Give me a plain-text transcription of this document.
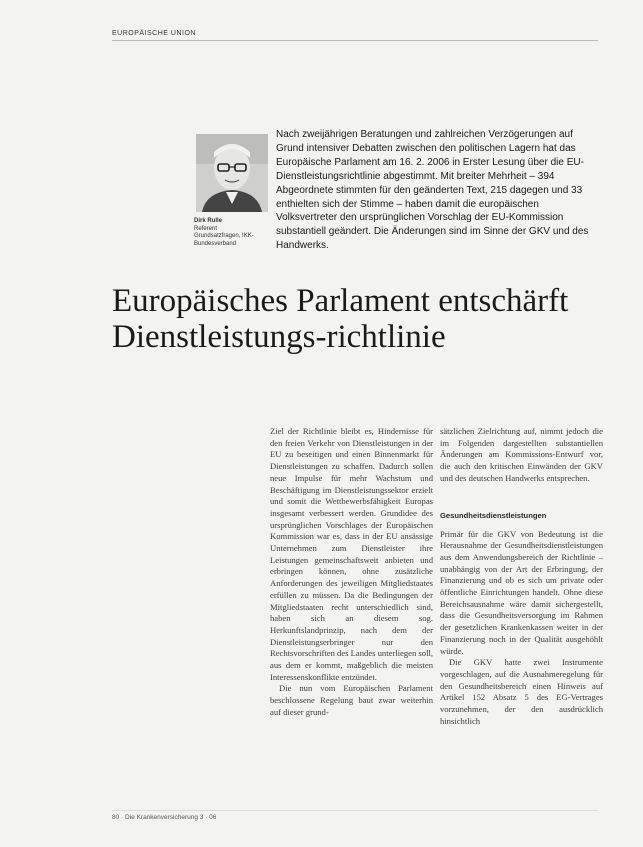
EUROPÄISCHE UNION
Dirk Rulle
Referent Grundsatzfragen, IKK-Bundesverband

Nach zweijährigen Beratungen und zahlreichen Verzögerungen auf Grund intensiver Debatten zwischen den politischen Lagern hat das Europäische Parlament am 16. 2. 2006 in Erster Lesung über die EU-Dienstleistungsrichtlinie abgestimmt. Mit breiter Mehrheit – 394 Abgeordnete stimmten für den geänderten Text, 215 dagegen und 33 enthielten sich der Stimme – haben damit die europäischen Volksvertreter den ursprünglichen Vorschlag der EU-Kommission substantiell geändert. Die Änderungen sind im Sinne der GKV und des Handwerks.

Europäisches Parlament entschärft Dienstleistungs-richtlinie

Ziel der Richtlinie bleibt es, Hindernisse für den freien Verkehr von Dienstleistungen in der EU zu beseitigen und einen Binnenmarkt für Dienstleistungen zu schaffen. Dadurch sollen neue Impulse für mehr Wachstum und Beschäftigung im Dienstleistungssektor erzielt und somit die Wettbewerbsfähigkeit Europas insgesamt verbessert werden. Grundidee des ursprünglichen Vorschlages der Europäischen Kommission war es, dass in der EU ansässige Unternehmen zum Dienstleister ihre Leistungen gemeinschaftsweit anbieten und erbringen können, ohne zusätzliche Anforderungen des jeweiligen Mitgliedstaates erfüllen zu müssen. Da die Bedingungen der Mitgliedstaaten recht unterschiedlich sind, haben sich an diesem sog. Herkunftslandprinzip, nach dem der Dienstleistungserbringer nur den Rechtsvorschriften des Landes unterliegen soll, aus dem er kommt, maßgeblich die meisten Interessenskonflikte entzündet.

Die nun vom Europäischen Parlament beschlossene Regelung baut zwar weiterhin auf dieser grund-

sätzlichen Zielrichtung auf, nimmt jedoch die im Folgenden dargestellten substantiellen Änderungen am Kommissions-Entwurf vor, die auch den kritischen Einwänden der GKV und des deutschen Handwerks entsprechen.

Gesundheitsdienstleistungen

Primär für die GKV von Bedeutung ist die Herausnahme der Gesundheitsdienstleistungen aus dem Anwendungsbereich der Richtlinie – unabhängig von der Art der Erbringung, der Finanzierung und ob es sich um private oder öffentliche Einrichtungen handelt. Ohne diese Bereichsausnahme wäre damit sichergestellt, dass die Gesundheitsversorgung im Rahmen der gesetzlichen Krankenkassen weiter in der Finanzierung noch in der Qualität ausgehöhlt würde.

Die GKV hatte zwei Instrumente vorgeschlagen, auf die Ausnahmeregelung für den Gesundheitsbereich einen Hinweis auf Artikel 152 Absatz 5 des EG-Vertrages vorzunehmen, der den ausdrücklich hinsichtlich

80 · Die Krankenversicherung 3 · 06
